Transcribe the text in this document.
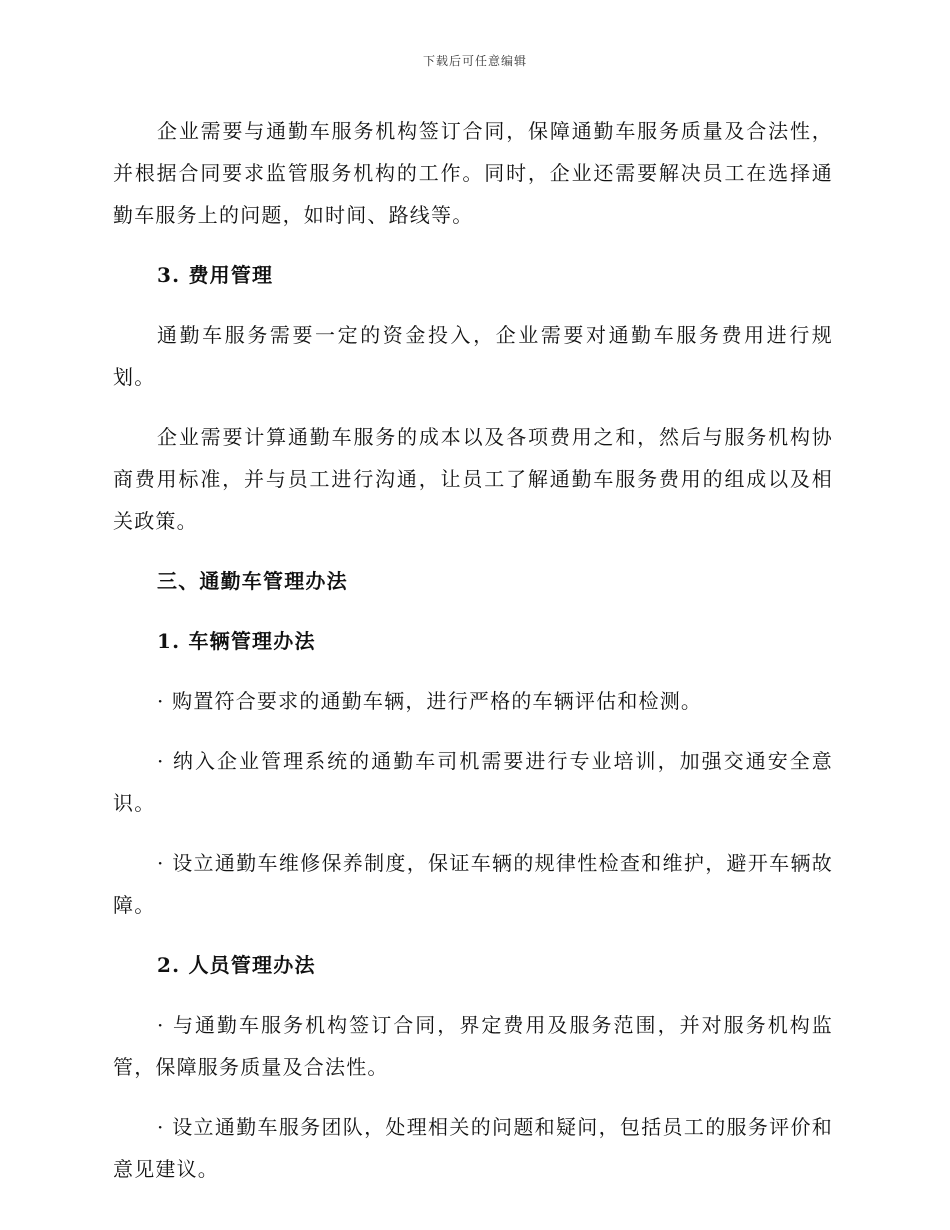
下载后可任意编辑

企业需要与通勤车服务机构签订合同，保障通勤车服务质量及合法性，并根据合同要求监管服务机构的工作。同时，企业还需要解决员工在选择通勤车服务上的问题，如时间、路线等。

3. 费用管理

通勤车服务需要一定的资金投入，企业需要对通勤车服务费用进行规划。

企业需要计算通勤车服务的成本以及各项费用之和，然后与服务机构协商费用标准，并与员工进行沟通，让员工了解通勤车服务费用的组成以及相关政策。

三、通勤车管理办法

1. 车辆管理办法

· 购置符合要求的通勤车辆，进行严格的车辆评估和检测。

· 纳入企业管理系统的通勤车司机需要进行专业培训，加强交通安全意识。

· 设立通勤车维修保养制度，保证车辆的规律性检查和维护，避开车辆故障。

2. 人员管理办法

· 与通勤车服务机构签订合同，界定费用及服务范围，并对服务机构监管，保障服务质量及合法性。

· 设立通勤车服务团队，处理相关的问题和疑问，包括员工的服务评价和意见建议。
